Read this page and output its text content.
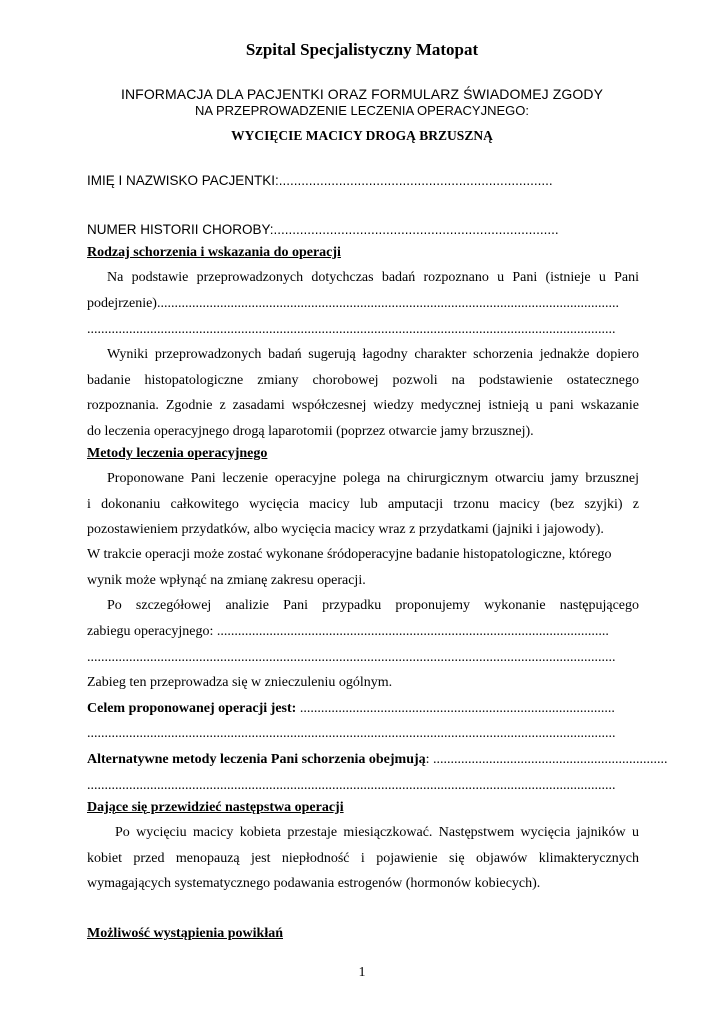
Szpital Specjalistyczny Matopat
INFORMACJA DLA PACJENTKI ORAZ FORMULARZ ŚWIADOMEJ ZGODY
NA PRZEPROWADZENIE LECZENIA OPERACYJNEGO:
WYCIĘCIE MACICY DROGĄ BRZUSZNĄ
IMIĘ I NAZWISKO PACJENTKI:.........................................................................
NUMER HISTORII CHOROBY:............................................................................
Rodzaj schorzenia i wskazania do operacji
Na podstawie przeprowadzonych dotychczas badań rozpoznano u Pani (istnieje u Pani
podejrzenie)....................................................................................................................................
.......................................................................................................................................................
Wyniki przeprowadzonych badań sugerują łagodny charakter schorzenia jednakże dopiero
badanie histopatologiczne zmiany chorobowej pozwoli na podstawienie ostatecznego
rozpoznania. Zgodnie z zasadami współczesnej wiedzy medycznej istnieją u pani wskazanie
do leczenia operacyjnego drogą laparotomii (poprzez otwarcie jamy brzusznej).
Metody leczenia operacyjnego
Proponowane Pani leczenie operacyjne polega na chirurgicznym otwarciu jamy brzusznej
i dokonaniu całkowitego wycięcia macicy lub amputacji trzonu macicy (bez szyjki) z
pozostawieniem przydatków, albo wycięcia macicy wraz z przydatkami (jajniki i jajowody).
W trakcie operacji może zostać wykonane śródoperacyjne badanie histopatologiczne, którego
wynik może wpłynąć na zmianę zakresu operacji.
Po szczegółowej analizie Pani przypadku proponujemy wykonanie następującego
zabiegu operacyjnego: ................................................................................................................
.......................................................................................................................................................
Zabieg ten przeprowadza się w znieczuleniu ogólnym.
Celem proponowanej operacji jest: ..........................................................................................
.......................................................................................................................................................
Alternatywne metody leczenia Pani schorzenia obejmują: ...................................................................
.......................................................................................................................................................
Dające się przewidzieć następstwa operacji
Po wycięciu macicy kobieta przestaje miesiączkować. Następstwem wycięcia jajników u
kobiet przed menopauzą jest niepłodność i pojawienie się objawów klimakterycznych
wymagających systematycznego podawania estrogenów (hormonów kobiecych).
Możliwość wystąpienia powikłań
1
